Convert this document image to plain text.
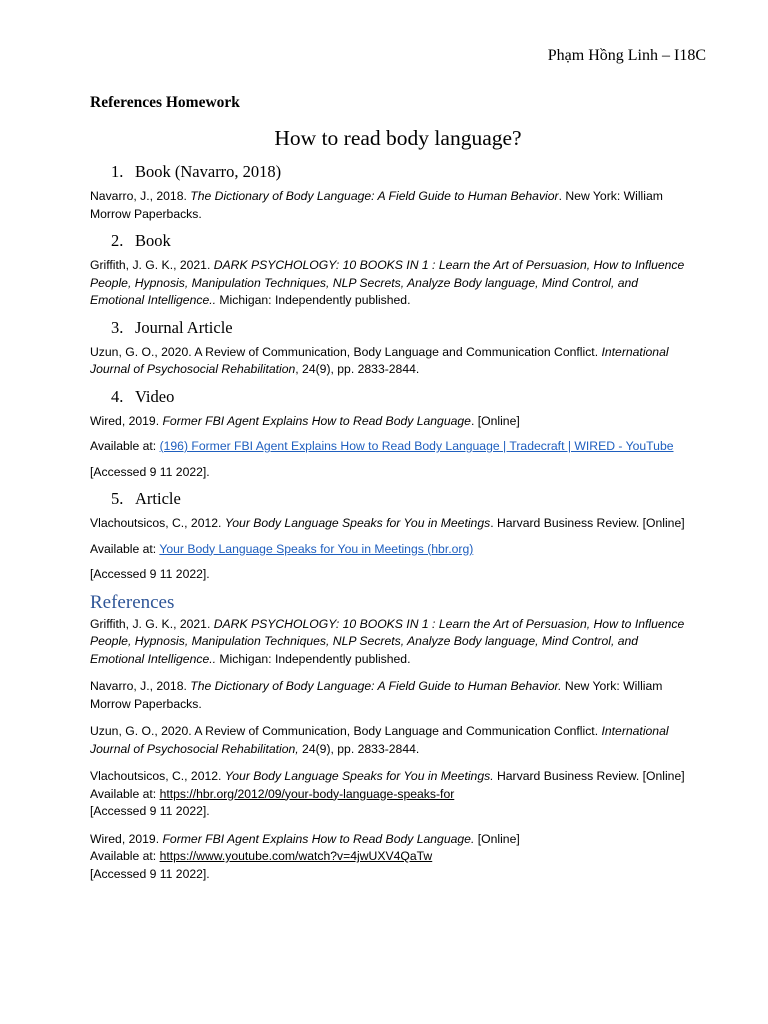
Phạm Hồng Linh – I18C
References Homework
How to read body language?
1. Book (Navarro, 2018)

Navarro, J., 2018. The Dictionary of Body Language: A Field Guide to Human Behavior. New York: William Morrow Paperbacks.

2. Book

Griffith, J. G. K., 2021. DARK PSYCHOLOGY: 10 BOOKS IN 1 : Learn the Art of Persuasion, How to Influence People, Hypnosis, Manipulation Techniques, NLP Secrets, Analyze Body language, Mind Control, and Emotional Intelligence.. Michigan: Independently published.

3. Journal Article

Uzun, G. O., 2020. A Review of Communication, Body Language and Communication Conflict. International Journal of Psychosocial Rehabilitation, 24(9), pp. 2833-2844.

4. Video

Wired, 2019. Former FBI Agent Explains How to Read Body Language. [Online]

Available at: (196) Former FBI Agent Explains How to Read Body Language | Tradecraft | WIRED - YouTube

[Accessed 9 11 2022].

5. Article

Vlachoutsicos, C., 2012. Your Body Language Speaks for You in Meetings. Harvard Business Review. [Online]

Available at: Your Body Language Speaks for You in Meetings (hbr.org)

[Accessed 9 11 2022].

References

Griffith, J. G. K., 2021. DARK PSYCHOLOGY: 10 BOOKS IN 1 : Learn the Art of Persuasion, How to Influence People, Hypnosis, Manipulation Techniques, NLP Secrets, Analyze Body language, Mind Control, and Emotional Intelligence.. Michigan: Independently published.

Navarro, J., 2018. The Dictionary of Body Language: A Field Guide to Human Behavior. New York: William Morrow Paperbacks.

Uzun, G. O., 2020. A Review of Communication, Body Language and Communication Conflict. International Journal of Psychosocial Rehabilitation, 24(9), pp. 2833-2844.

Vlachoutsicos, C., 2012. Your Body Language Speaks for You in Meetings. Harvard Business Review. [Online]
Available at: https://hbr.org/2012/09/your-body-language-speaks-for
[Accessed 9 11 2022].

Wired, 2019. Former FBI Agent Explains How to Read Body Language. [Online]
Available at: https://www.youtube.com/watch?v=4jwUXV4QaTw
[Accessed 9 11 2022].
